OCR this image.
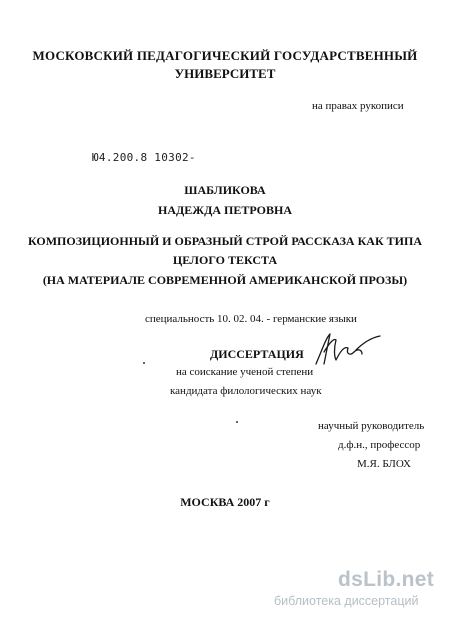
МОСКОВСКИЙ ПЕДАГОГИЧЕСКИЙ ГОСУДАРСТВЕННЫЙ
УНИВЕРСИТЕТ
на правах рукописи
Ю4.200.8 10302-
ШАБЛИКОВА
НАДЕЖДА ПЕТРОВНА
КОМПОЗИЦИОННЫЙ И ОБРАЗНЫЙ СТРОЙ РАССКАЗА КАК ТИПА
ЦЕЛОГО ТЕКСТА
(НА МАТЕРИАЛЕ СОВРЕМЕННОЙ АМЕРИКАНСКОЙ ПРОЗЫ)
специальность 10. 02. 04. - германские языки
ДИССЕРТАЦИЯ
на соискание ученой степени
кандидата филологических наук
научный руководитель
д.ф.н., профессор
М.Я. БЛОХ
МОСКВА 2007 г
dsLib.net
библиотека диссертаций
